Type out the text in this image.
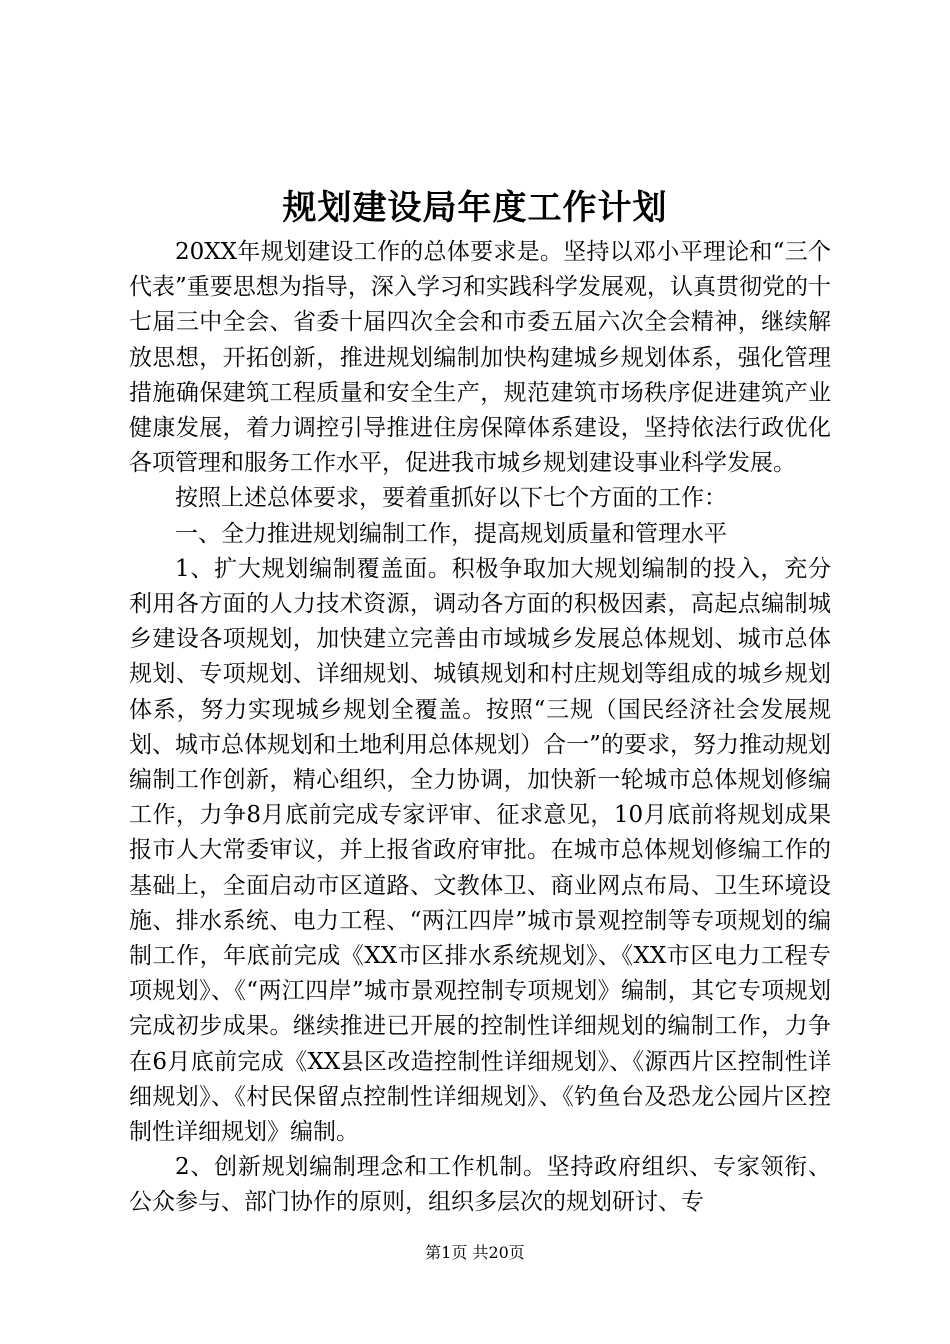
规划建设局年度工作计划

20XX年规划建设工作的总体要求是。坚持以邓小平理论和“三个代表”重要思想为指导，深入学习和实践科学发展观，认真贯彻党的十七届三中全会、省委十届四次全会和市委五届六次全会精神，继续解放思想，开拓创新，推进规划编制加快构建城乡规划体系，强化管理措施确保建筑工程质量和安全生产，规范建筑市场秩序促进建筑产业健康发展，着力调控引导推进住房保障体系建设，坚持依法行政优化各项管理和服务工作水平，促进我市城乡规划建设事业科学发展。

按照上述总体要求，要着重抓好以下七个方面的工作：

一、全力推进规划编制工作，提高规划质量和管理水平

1、扩大规划编制覆盖面。积极争取加大规划编制的投入，充分利用各方面的人力技术资源，调动各方面的积极因素，高起点编制城乡建设各项规划，加快建立完善由市域城乡发展总体规划、城市总体规划、专项规划、详细规划、城镇规划和村庄规划等组成的城乡规划体系，努力实现城乡规划全覆盖。按照“三规（国民经济社会发展规划、城市总体规划和土地利用总体规划）合一”的要求，努力推动规划编制工作创新，精心组织，全力协调，加快新一轮城市总体规划修编工作，力争8月底前完成专家评审、征求意见，10月底前将规划成果报市人大常委审议，并上报省政府审批。在城市总体规划修编工作的基础上，全面启动市区道路、文教体卫、商业网点布局、卫生环境设施、排水系统、电力工程、“两江四岸”城市景观控制等专项规划的编制工作，年底前完成《XX市区排水系统规划》、《XX市区电力工程专项规划》、《“两江四岸”城市景观控制专项规划》编制，其它专项规划完成初步成果。继续推进已开展的控制性详细规划的编制工作，力争在6月底前完成《XX县区改造控制性详细规划》、《源西片区控制性详细规划》、《村民保留点控制性详细规划》、《钓鱼台及恐龙公园片区控制性详细规划》编制。

2、创新规划编制理念和工作机制。坚持政府组织、专家领衔、公众参与、部门协作的原则，组织多层次的规划研讨、专

第1页 共20页
